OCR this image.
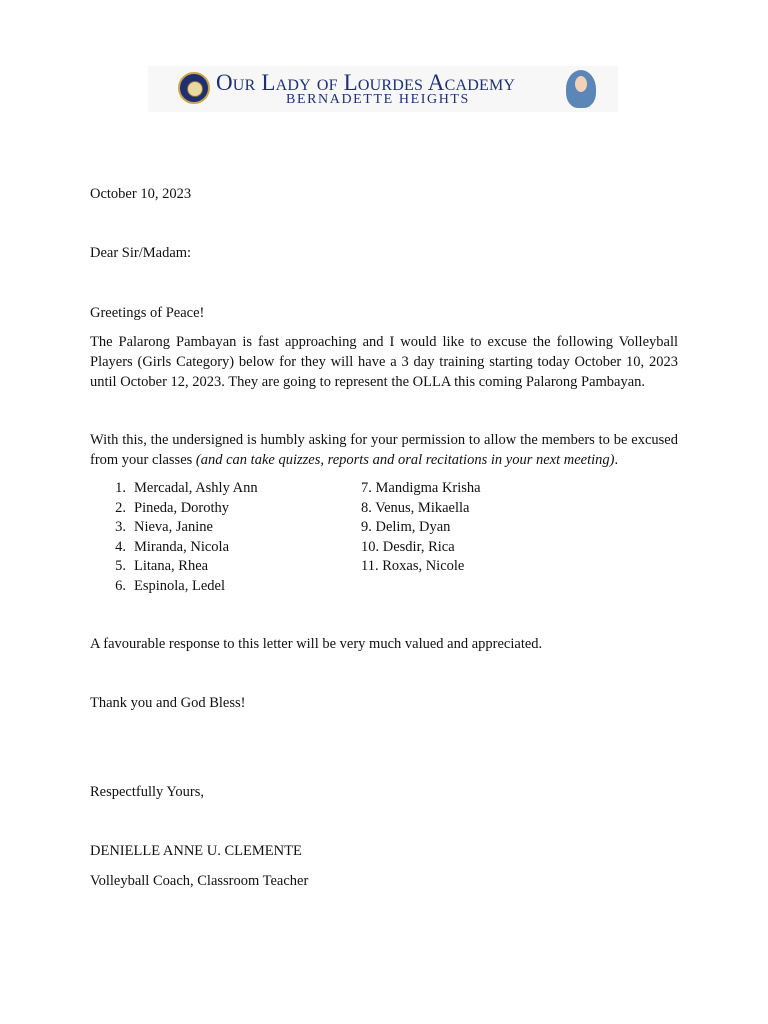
Our Lady of Lourdes Academy
BERNADETTE HEIGHTS
October 10, 2023
Dear Sir/Madam:
Greetings of Peace!
The Palarong Pambayan is fast approaching and I would like to excuse the following Volleyball Players (Girls Category) below for they will have a 3 day training starting today October 10, 2023 until October 12, 2023. They are going to represent the OLLA this coming Palarong Pambayan.
With this, the undersigned is humbly asking for your permission to allow the members to be excused from your classes (and can take quizzes, reports and oral recitations in your next meeting).
1. Mercadal, Ashly Ann
2. Pineda, Dorothy
3. Nieva, Janine
4. Miranda, Nicola
5. Litana, Rhea
6. Espinola, Ledel
7. Mandigma Krisha
8. Venus, Mikaella
9. Delim, Dyan
10. Desdir, Rica
11. Roxas, Nicole
A favourable response to this letter will be very much valued and appreciated.
Thank you and God Bless!
Respectfully Yours,
DENIELLE ANNE U. CLEMENTE
Volleyball Coach, Classroom Teacher
